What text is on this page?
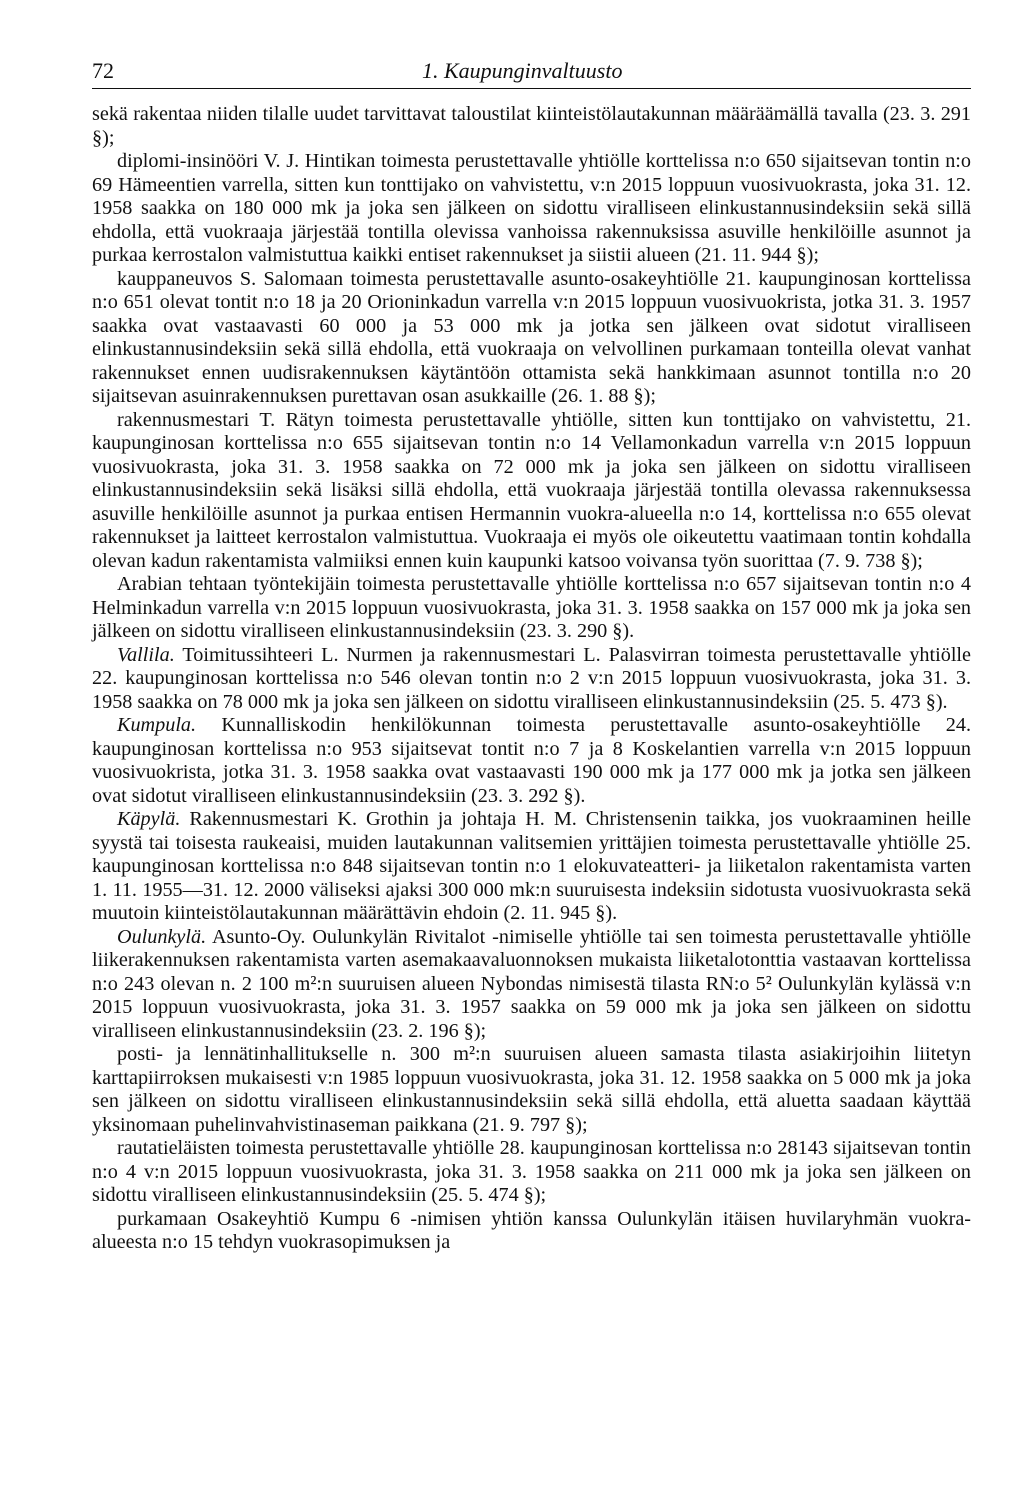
72	1. Kaupunginvaltuusto

sekä rakentaa niiden tilalle uudet tarvittavat taloustilat kiinteistölautakunnan määräämällä tavalla (23. 3. 291 §);

diplomi-insinööri V. J. Hintikan toimesta perustettavalle yhtiölle korttelissa n:o 650 sijaitsevan tontin n:o 69 Hämeentien varrella, sitten kun tonttijako on vahvistettu, v:n 2015 loppuun vuosivuokrasta, joka 31. 12. 1958 saakka on 180 000 mk ja joka sen jälkeen on sidottu viralliseen elinkustannusindeksiin sekä sillä ehdolla, että vuokraaja järjestää tontilla olevissa vanhoissa rakennuksissa asuville henkilöille asunnot ja purkaa kerrostalon valmistuttua kaikki entiset rakennukset ja siistii alueen (21. 11. 944 §);

kauppaneuvos S. Salomaan toimesta perustettavalle asunto-osakeyhtiölle 21. kaupunginosan korttelissa n:o 651 olevat tontit n:o 18 ja 20 Orioninkadun varrella v:n 2015 loppuun vuosivuokrista, jotka 31. 3. 1957 saakka ovat vastaavasti 60 000 ja 53 000 mk ja jotka sen jälkeen ovat sidotut viralliseen elinkustannusindeksiin sekä sillä ehdolla, että vuokraaja on velvollinen purkamaan tonteilla olevat vanhat rakennukset ennen uudisrakennuksen käytäntöön ottamista sekä hankkimaan asunnot tontilla n:o 20 sijaitsevan asuinrakennuksen purettavan osan asukkaille (26. 1. 88 §);

rakennusmestari T. Rätyn toimesta perustettavalle yhtiölle, sitten kun tonttijako on vahvistettu, 21. kaupunginosan korttelissa n:o 655 sijaitsevan tontin n:o 14 Vellamonkadun varrella v:n 2015 loppuun vuosivuokrasta, joka 31. 3. 1958 saakka on 72 000 mk ja joka sen jälkeen on sidottu viralliseen elinkustannusindeksiin sekä lisäksi sillä ehdolla, että vuokraaja järjestää tontilla olevassa rakennuksessa asuville henkilöille asunnot ja purkaa entisen Hermannin vuokra-alueella n:o 14, korttelissa n:o 655 olevat rakennukset ja laitteet kerrostalon valmistuttua. Vuokraaja ei myös ole oikeutettu vaatimaan tontin kohdalla olevan kadun rakentamista valmiiksi ennen kuin kaupunki katsoo voivansa työn suorittaa (7. 9. 738 §);

Arabian tehtaan työntekijäin toimesta perustettavalle yhtiölle korttelissa n:o 657 sijaitsevan tontin n:o 4 Helminkadun varrella v:n 2015 loppuun vuosivuokrasta, joka 31. 3. 1958 saakka on 157 000 mk ja joka sen jälkeen on sidottu viralliseen elinkustannusindeksiin (23. 3. 290 §).

Vallila. Toimitussihteeri L. Nurmen ja rakennusmestari L. Palasvirran toimesta perustettavalle yhtiölle 22. kaupunginosan korttelissa n:o 546 olevan tontin n:o 2 v:n 2015 loppuun vuosivuokrasta, joka 31. 3. 1958 saakka on 78 000 mk ja joka sen jälkeen on sidottu viralliseen elinkustannusindeksiin (25. 5. 473 §).

Kumpula. Kunnalliskodin henkilökunnan toimesta perustettavalle asunto-osakeyhtiölle 24. kaupunginosan korttelissa n:o 953 sijaitsevat tontit n:o 7 ja 8 Koskelantien varrella v:n 2015 loppuun vuosivuokrista, jotka 31. 3. 1958 saakka ovat vastaavasti 190 000 mk ja 177 000 mk ja jotka sen jälkeen ovat sidotut viralliseen elinkustannusindeksiin (23. 3. 292 §).

Käpylä. Rakennusmestari K. Grothin ja johtaja H. M. Christensenin taikka, jos vuokraaminen heille syystä tai toisesta raukeaisi, muiden lautakunnan valitsemien yrittäjien toimesta perustettavalle yhtiölle 25. kaupunginosan korttelissa n:o 848 sijaitsevan tontin n:o 1 elokuvateatteri- ja liiketalon rakentamista varten 1. 11. 1955—31. 12. 2000 väliseksi ajaksi 300 000 mk:n suuruisesta indeksiin sidotusta vuosivuokrasta sekä muutoin kiinteistölautakunnan määrättävin ehdoin (2. 11. 945 §).

Oulunkylä. Asunto-Oy. Oulunkylän Rivitalot -nimiselle yhtiölle tai sen toimesta perustettavalle yhtiölle liikerakennuksen rakentamista varten asemakaavaluonnoksen mukaista liiketalotonttia vastaavan korttelissa n:o 243 olevan n. 2 100 m²:n suuruisen alueen Nybondas nimisestä tilasta RN:o 5² Oulunkylän kylässä v:n 2015 loppuun vuosivuokrasta, joka 31. 3. 1957 saakka on 59 000 mk ja joka sen jälkeen on sidottu viralliseen elinkustannusindeksiin (23. 2. 196 §);

posti- ja lennätinhallitukselle n. 300 m²:n suuruisen alueen samasta tilasta asiakirjoihin liitetyn karttapiirroksen mukaisesti v:n 1985 loppuun vuosivuokrasta, joka 31. 12. 1958 saakka on 5 000 mk ja joka sen jälkeen on sidottu viralliseen elinkustannusindeksiin sekä sillä ehdolla, että aluetta saadaan käyttää yksinomaan puhelinvahvistinaseman paikkana (21. 9. 797 §);

rautatieläisten toimesta perustettavalle yhtiölle 28. kaupunginosan korttelissa n:o 28143 sijaitsevan tontin n:o 4 v:n 2015 loppuun vuosivuokrasta, joka 31. 3. 1958 saakka on 211 000 mk ja joka sen jälkeen on sidottu viralliseen elinkustannusindeksiin (25. 5. 474 §);

purkamaan Osakeyhtiö Kumpu 6 -nimisen yhtiön kanssa Oulunkylän itäisen huvilaryhmän vuokra-alueesta n:o 15 tehdyn vuokrasopimuksen ja
